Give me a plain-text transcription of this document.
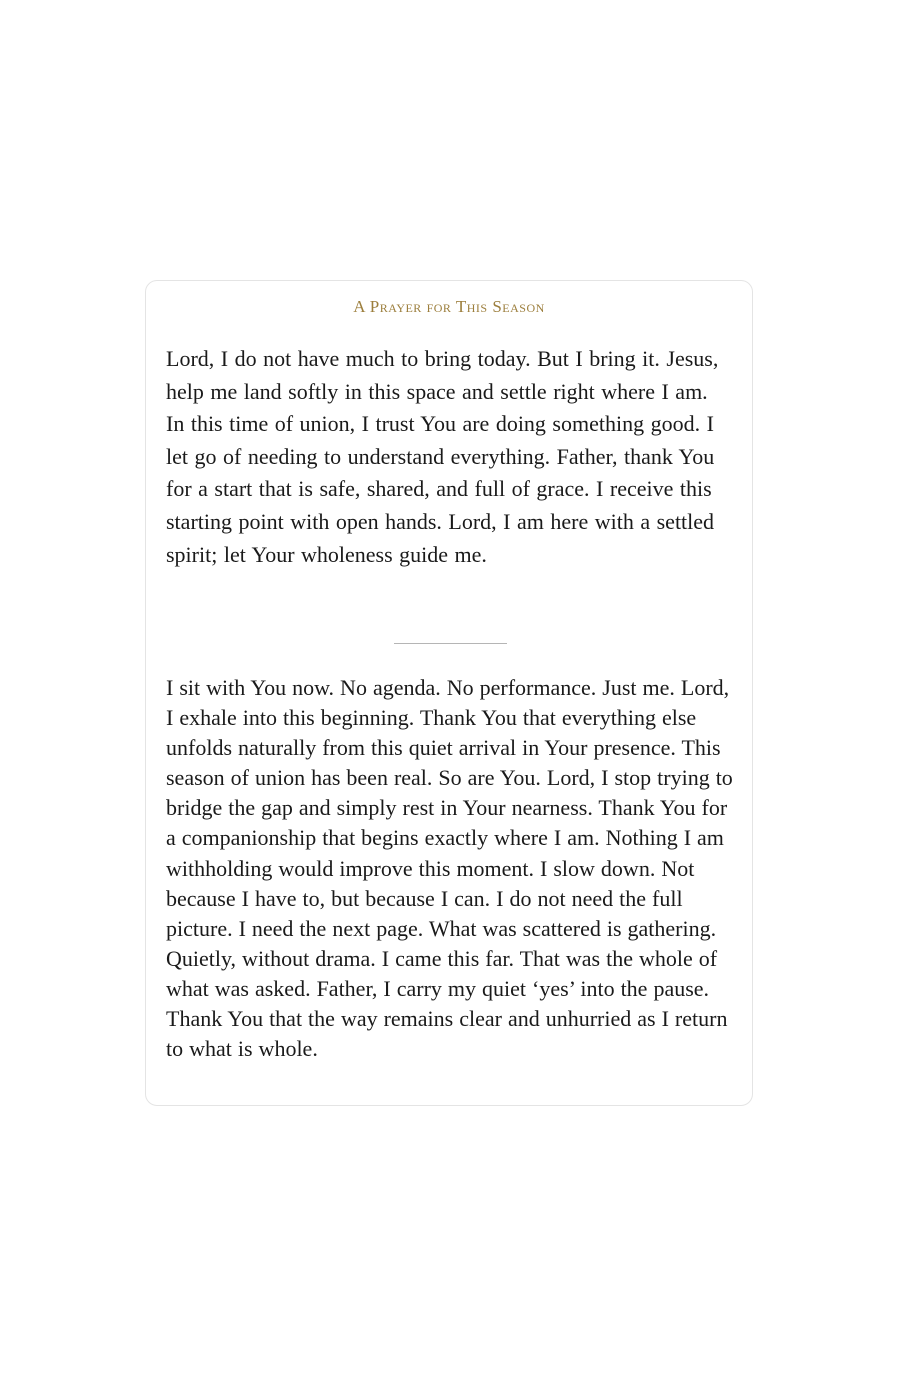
A Prayer for This Season

Lord, I do not have much to bring today. But I bring it. Jesus, help me land softly in this space and settle right where I am. In this time of union, I trust You are doing something good. I let go of needing to understand everything. Father, thank You for a start that is safe, shared, and full of grace. I receive this starting point with open hands. Lord, I am here with a settled spirit; let Your wholeness guide me.

I sit with You now. No agenda. No performance. Just me. Lord, I exhale into this beginning. Thank You that everything else unfolds naturally from this quiet arrival in Your presence. This season of union has been real. So are You. Lord, I stop trying to bridge the gap and simply rest in Your nearness. Thank You for a companionship that begins exactly where I am. Nothing I am withholding would improve this moment. I slow down. Not because I have to, but because I can. I do not need the full picture. I need the next page. What was scattered is gathering. Quietly, without drama. I came this far. That was the whole of what was asked. Father, I carry my quiet ‘yes’ into the pause. Thank You that the way remains clear and unhurried as I return to what is whole.
